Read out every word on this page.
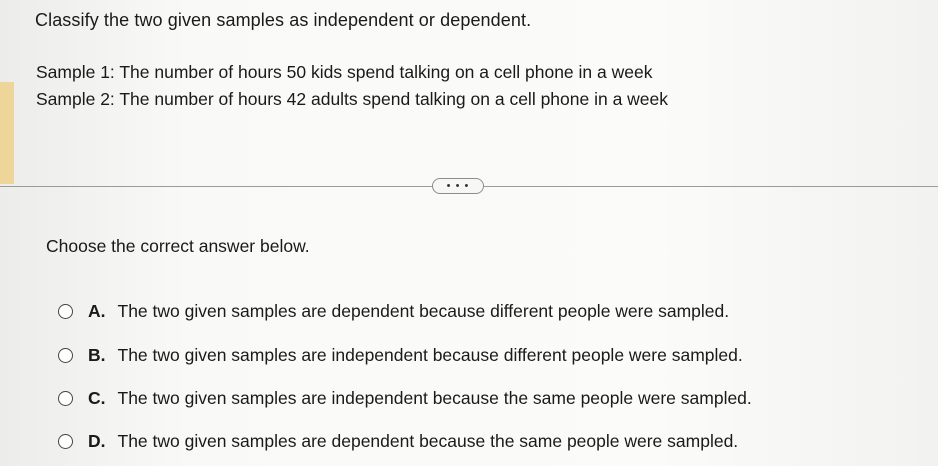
Classify the two given samples as independent or dependent.
Sample 1: The number of hours 50 kids spend talking on a cell phone in a week
Sample 2: The number of hours 42 adults spend talking on a cell phone in a week
• • •
Choose the correct answer below.
A. The two given samples are dependent because different people were sampled.
B. The two given samples are independent because different people were sampled.
C. The two given samples are independent because the same people were sampled.
D. The two given samples are dependent because the same people were sampled.
